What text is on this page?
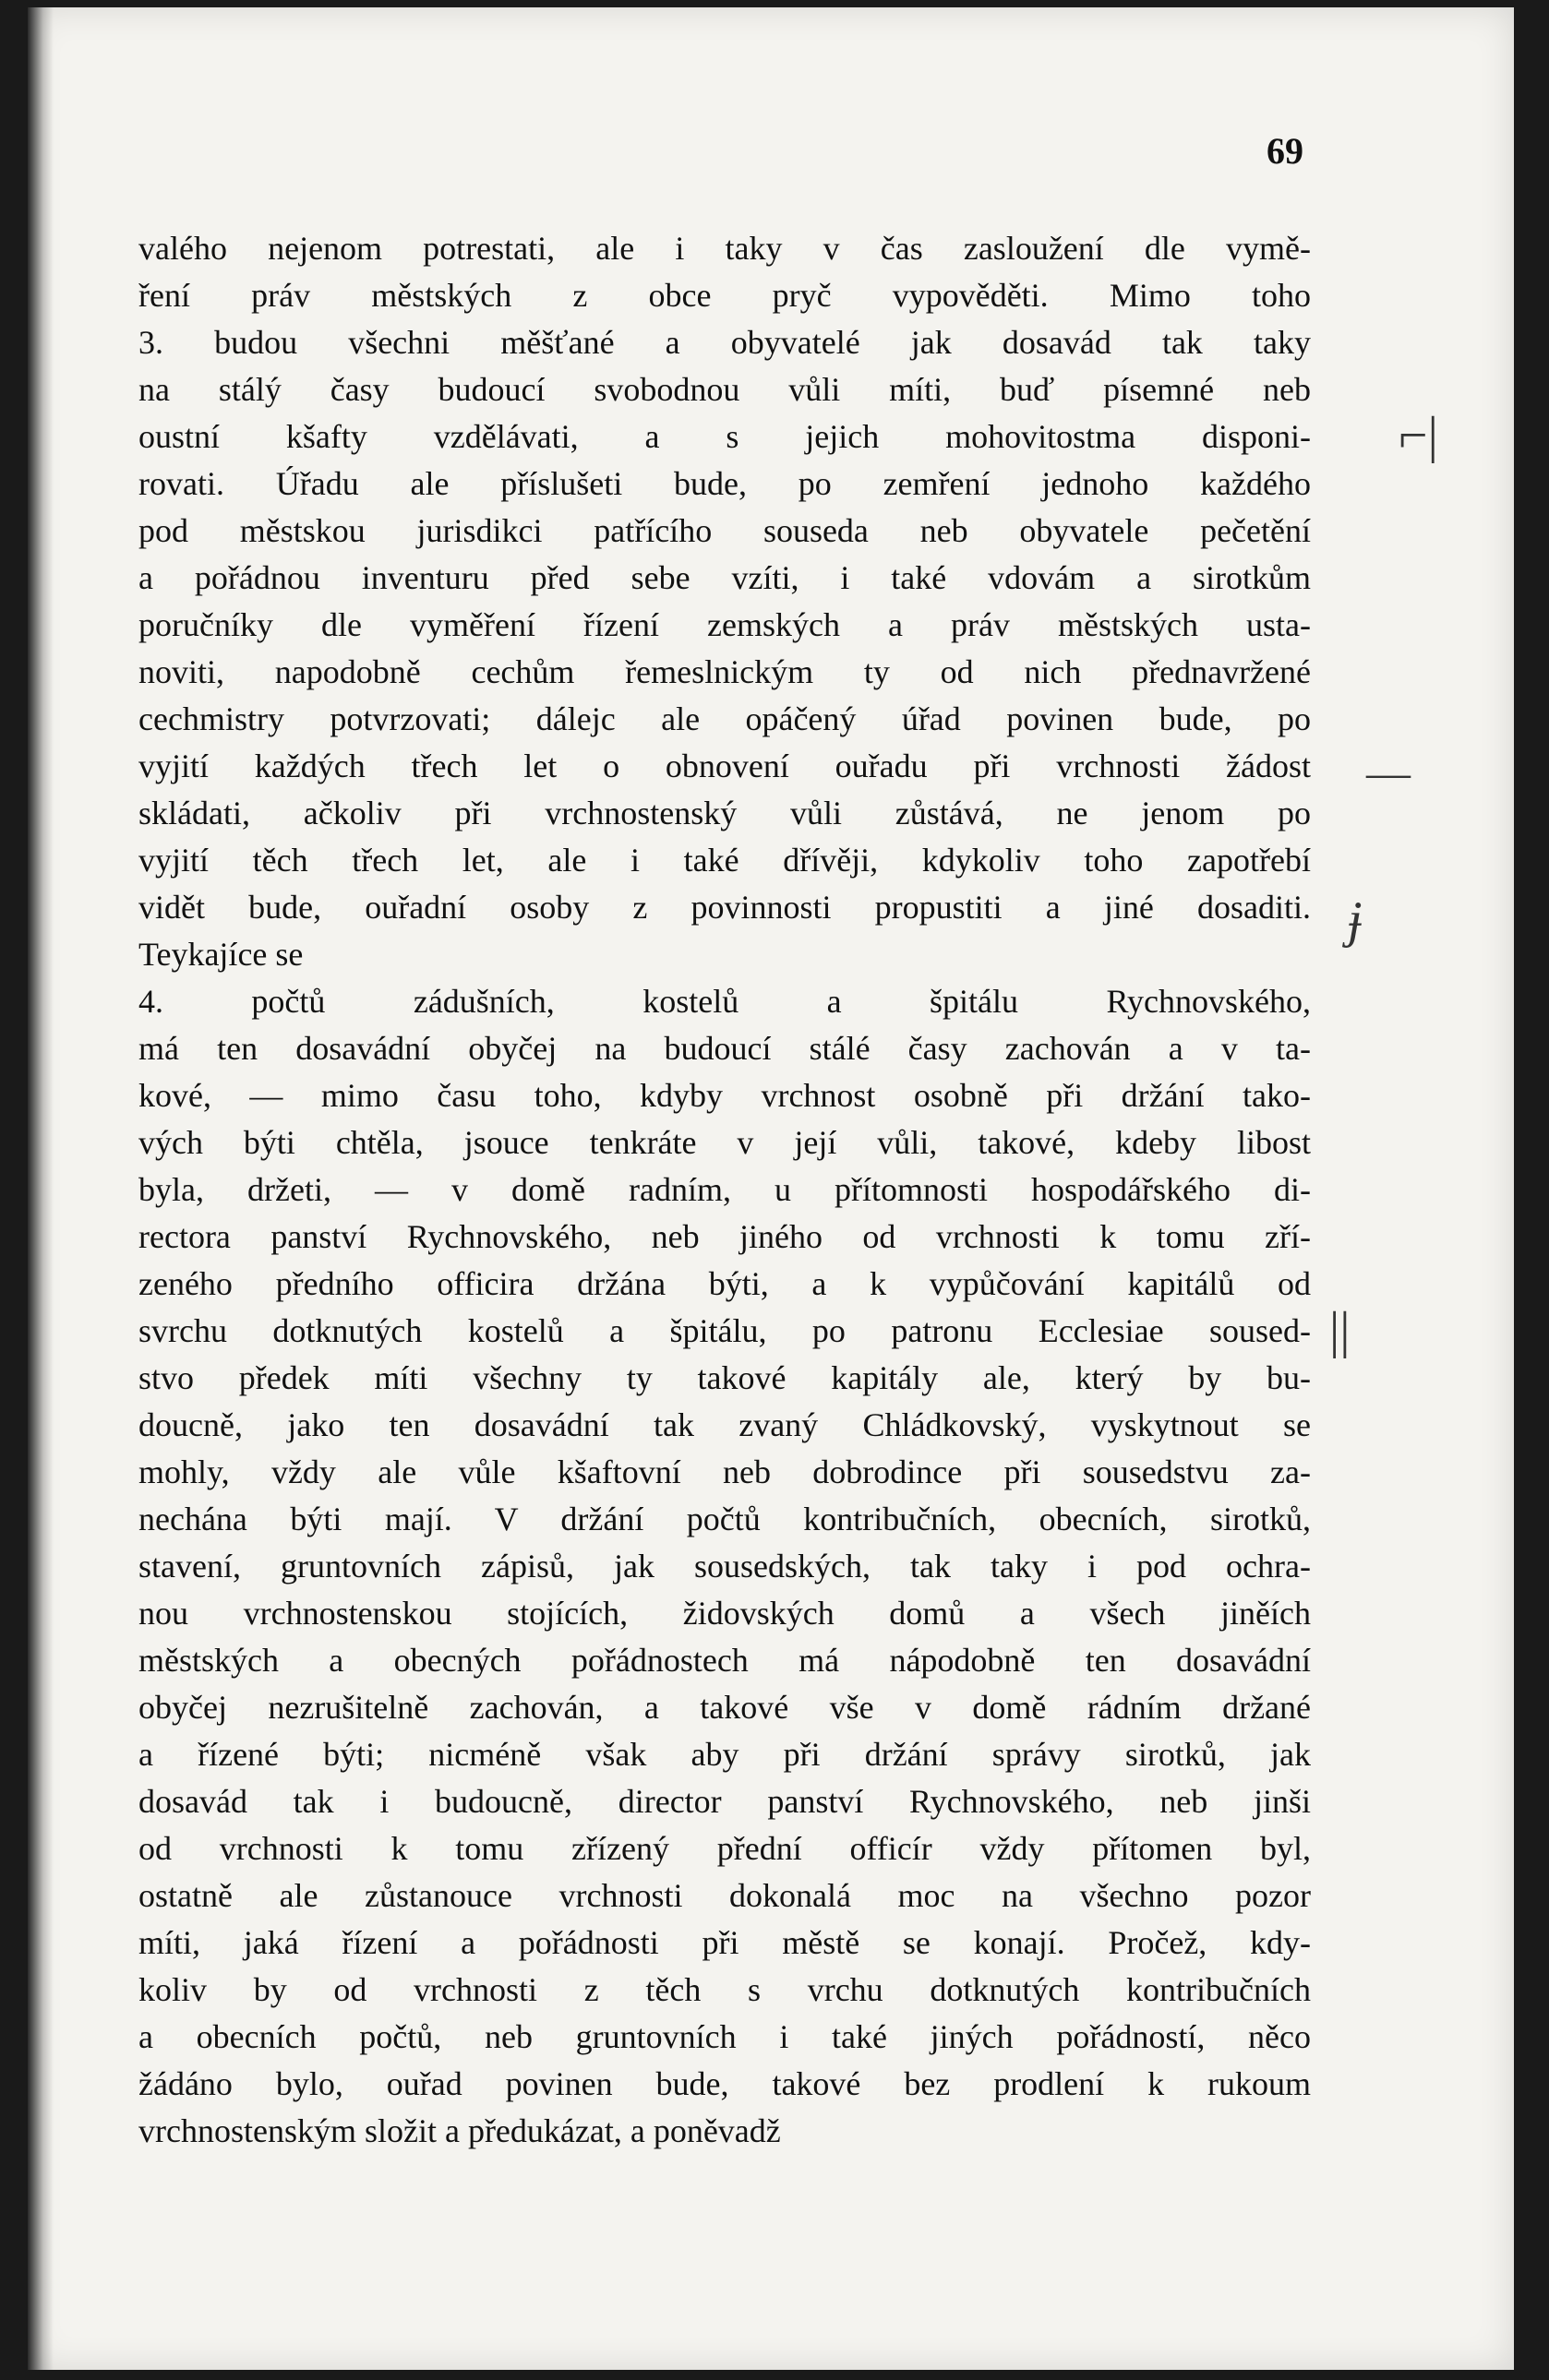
69
valého nejenom potrestati, ale i taky v čas zasloužení dle vymě-
ření práv městských z obce pryč vypověděti. Mimo toho
3. budou všechni měšťané a obyvatelé jak dosavád tak taky
na stálý časy budoucí svobodnou vůli míti, buď písemné neb
oustní kšafty vzdělávati, a s jejich mohovitostma disponi-
rovati. Úřadu ale příslušeti bude, po zemření jednoho každého
pod městskou jurisdikci patřícího souseda neb obyvatele pečetění
a pořádnou inventuru před sebe vzíti, i také vdovám a sirotkům
poručníky dle vyměření řízení zemských a práv městských usta-
noviti, napodobně cechům řemeslnickým ty od nich přednavržené
cechmistry potvrzovati; dálejc ale opáčený úřad povinen bude, po
vyjití každých třech let o obnovení ouřadu při vrchnosti žádost
skládati, ačkoliv při vrchnostenský vůli zůstává, ne jenom po
vyjití těch třech let, ale i také dřívěji, kdykoliv toho zapotřebí
vidět bude, ouřadní osoby z povinnosti propustiti a jiné dosaditi.
Teykajíce se
4. počtů zádušních, kostelů a špitálu Rychnovského,
má ten dosavádní obyčej na budoucí stálé časy zachován a v ta-
kové, — mimo času toho, kdyby vrchnost osobně při držání tako-
vých býti chtěla, jsouce tenkráte v její vůli, takové, kdeby libost
byla, držeti, — v domě radním, u přítomnosti hospodářského di-
rectora panství Rychnovského, neb jiného od vrchnosti k tomu zří-
zeného předního officira držána býti, a k vypůčování kapitálů od
svrchu dotknutých kostelů a špitálu, po patronu Ecclesiae soused-
stvo předek míti všechny ty takové kapitály ale, který by bu-
doucně, jako ten dosavádní tak zvaný Chládkovský, vyskytnout se
mohly, vždy ale vůle kšaftovní neb dobrodince při sousedstvu za-
nechána býti mají. V držání počtů kontribučních, obecních, sirotků,
stavení, gruntovních zápisů, jak sousedských, tak taky i pod ochra-
nou vrchnostenskou stojících, židovských domů a všech jiněích
městských a obecných pořádnostech má nápodobně ten dosavádní
obyčej nezrušitelně zachován, a takové vše v domě rádním držané
a řízené býti; nicméně však aby při držání správy sirotků, jak
dosavád tak i budoucně, director panství Rychnovského, neb jinši
od vrchnosti k tomu zřízený přední officír vždy přítomen byl,
ostatně ale zůstanouce vrchnosti dokonalá moc na všechno pozor
míti, jaká řízení a pořádnosti při městě se konají. Pročež, kdy-
koliv by od vrchnosti z těch s vrchu dotknutých kontribučních
a obecních počtů, neb gruntovních i také jiných pořádností, něco
žádáno bylo, ouřad povinen bude, takové bez prodlení k rukoum
vrchnostenským složit a předukázat, a poněvadž
⌐|
—
ɉ
||
